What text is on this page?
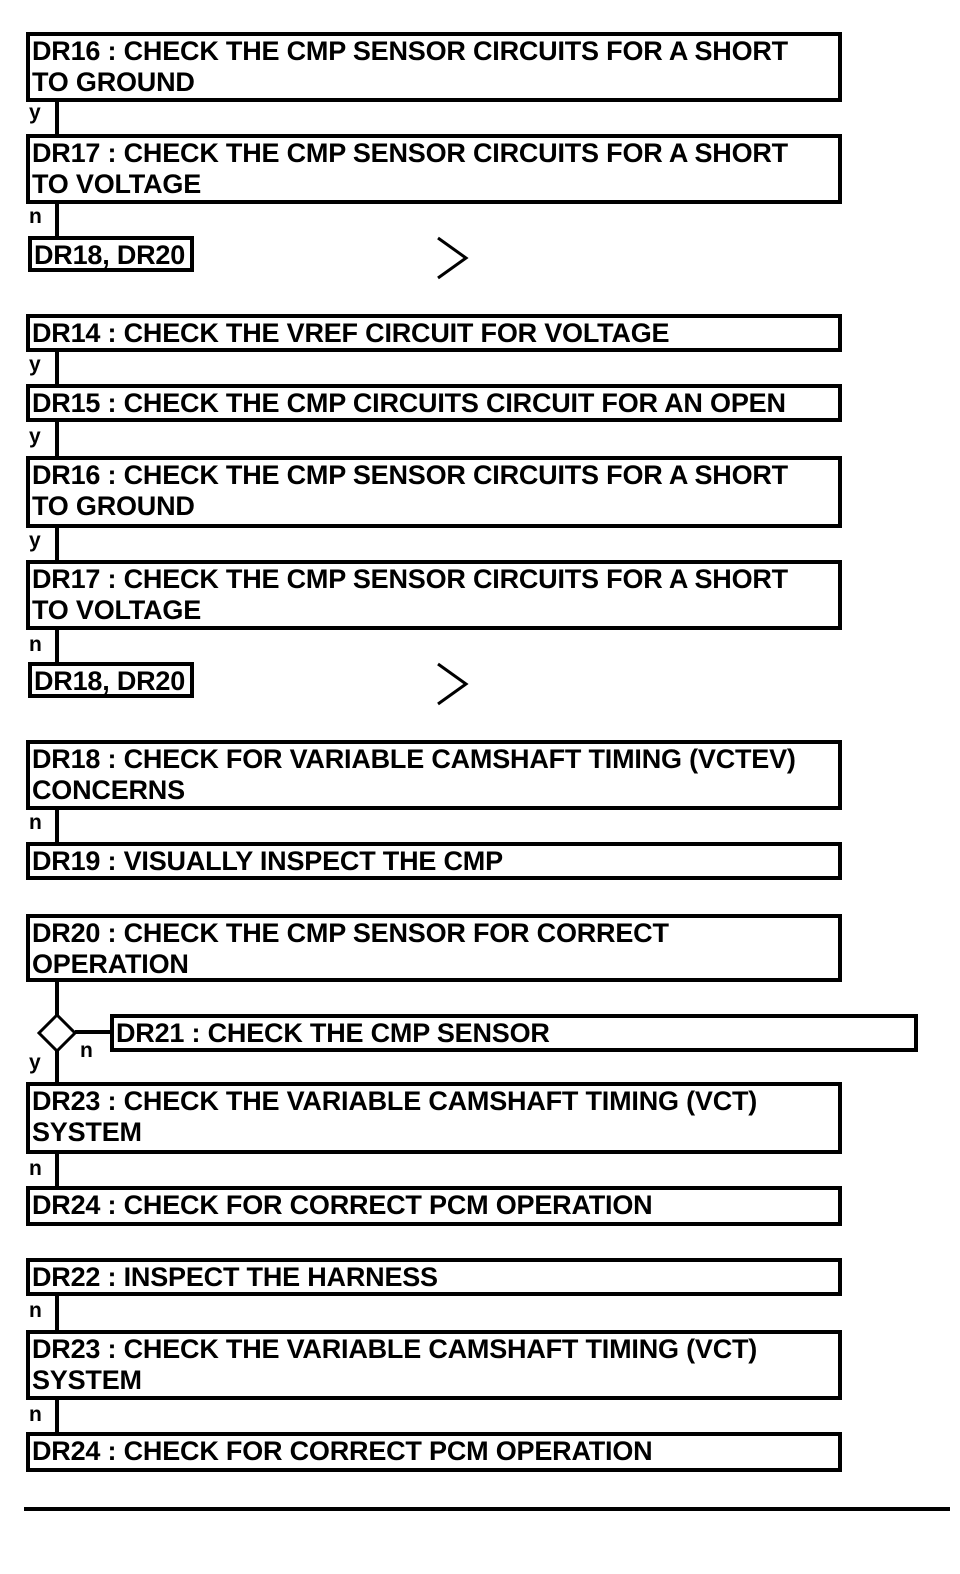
DR16 : CHECK THE CMP SENSOR CIRCUITS FOR A SHORT
TO GROUND
y
DR17 : CHECK THE CMP SENSOR CIRCUITS FOR A SHORT
TO VOLTAGE
n
DR18, DR20
DR14 : CHECK THE VREF CIRCUIT FOR VOLTAGE
y
DR15 : CHECK THE CMP CIRCUITS CIRCUIT FOR AN OPEN
y
DR16 : CHECK THE CMP SENSOR CIRCUITS FOR A SHORT
TO GROUND
y
DR17 : CHECK THE CMP SENSOR CIRCUITS FOR A SHORT
TO VOLTAGE
n
DR18, DR20
DR18 : CHECK FOR VARIABLE CAMSHAFT TIMING (VCTEV)
CONCERNS
n
DR19 : VISUALLY INSPECT THE CMP
DR20 : CHECK THE CMP SENSOR FOR CORRECT
OPERATION
n
DR21 : CHECK THE CMP SENSOR
y
DR23 : CHECK THE VARIABLE CAMSHAFT TIMING (VCT)
SYSTEM
n
DR24 : CHECK FOR CORRECT PCM OPERATION
DR22 : INSPECT THE HARNESS
n
DR23 : CHECK THE VARIABLE CAMSHAFT TIMING (VCT)
SYSTEM
n
DR24 : CHECK FOR CORRECT PCM OPERATION
